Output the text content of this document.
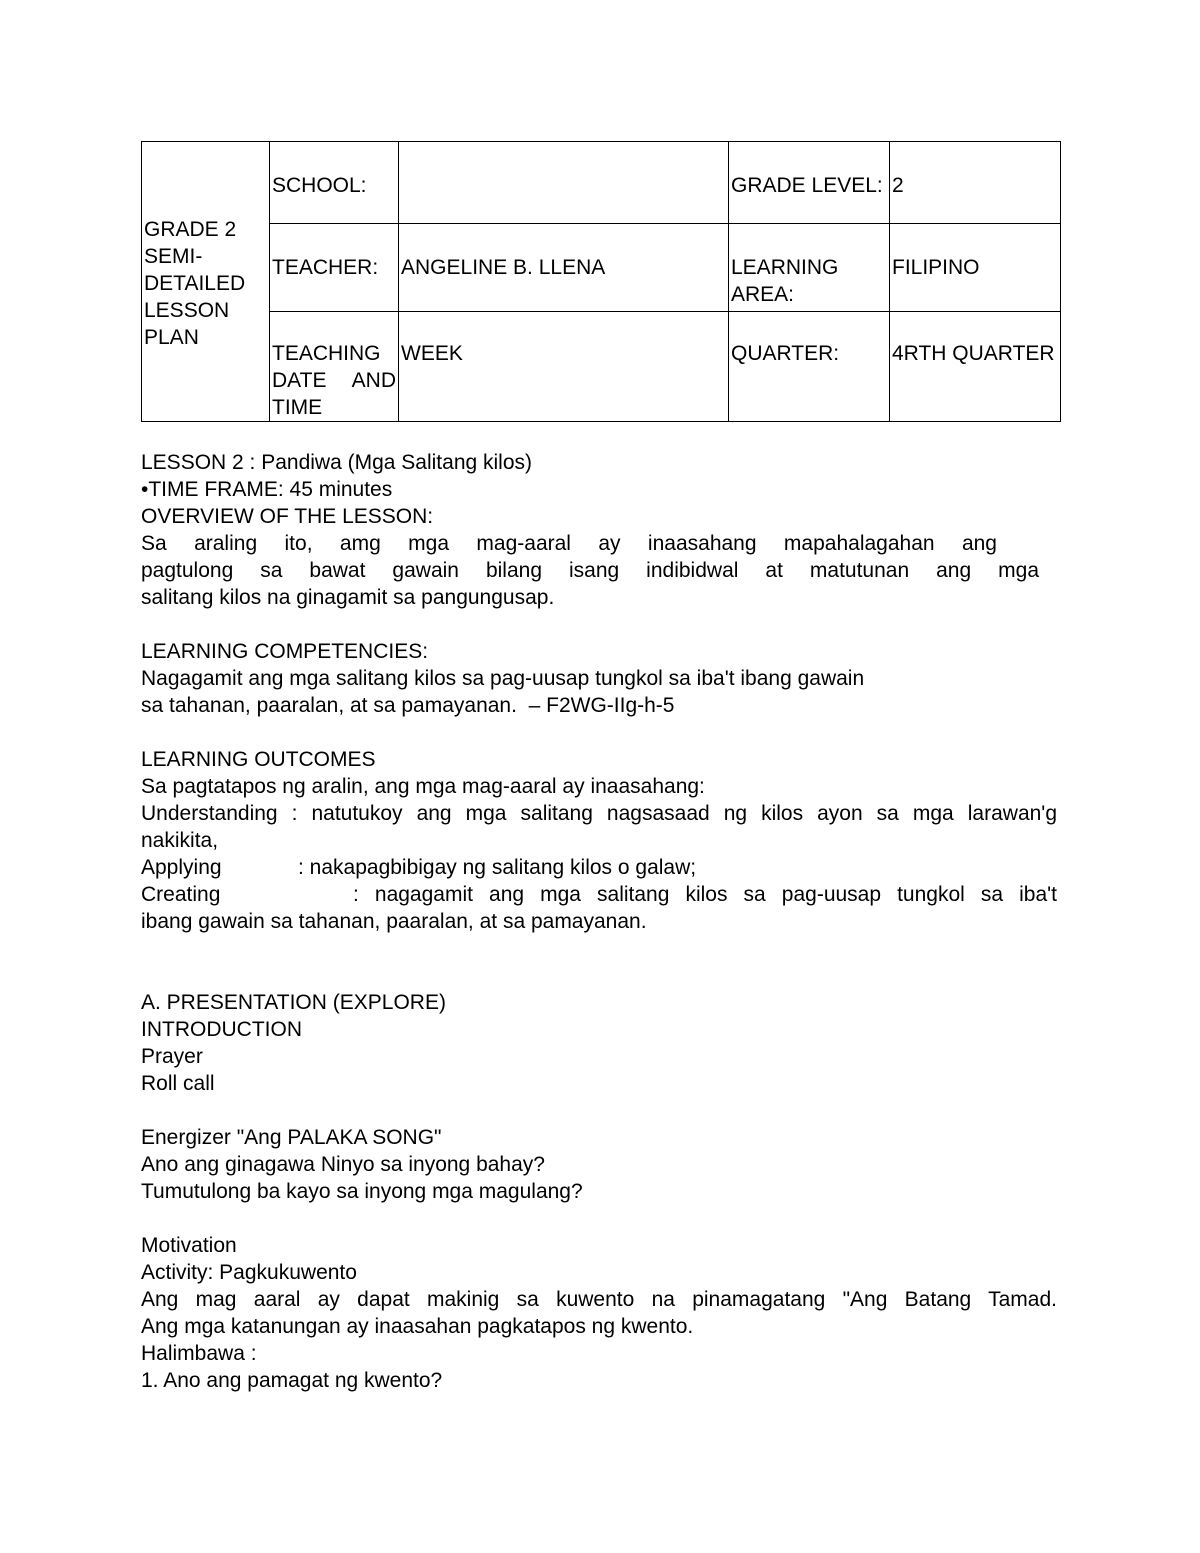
GRADE 2 SEMI-DETAILED LESSON PLAN	SCHOOL:		GRADE LEVEL:	2
	TEACHER:	ANGELINE B. LLENA	LEARNING AREA:	FILIPINO
	TEACHING DATE AND TIME	WEEK	QUARTER:	4RTH QUARTER
LESSON 2 : Pandiwa (Mga Salitang kilos)
•TIME FRAME: 45 minutes
OVERVIEW OF THE LESSON:
Sa araling ito, amg mga mag-aaral ay inaasahang mapahalagahan ang
pagtulong sa bawat gawain bilang isang indibidwal at matutunan ang mga
salitang kilos na ginagamit sa pangungusap.
LEARNING COMPETENCIES:
Nagagamit ang mga salitang kilos sa pag-uusap tungkol sa iba't ibang gawain
sa tahanan, paaralan, at sa pamayanan.  – F2WG-IIg-h-5
LEARNING OUTCOMES
Sa pagtatapos ng aralin, ang mga mag-aaral ay inaasahang:
Understanding : natutukoy ang mga salitang nagsasaad ng kilos ayon sa mga larawan'g
nakikita,
Applying	: nakapagbibigay ng salitang kilos o galaw;
Creating	: nagagamit ang mga salitang kilos sa pag-uusap tungkol sa iba't
ibang gawain sa tahanan, paaralan, at sa pamayanan.
A. PRESENTATION (EXPLORE)
INTRODUCTION
Prayer
Roll call
Energizer "Ang PALAKA SONG"
Ano ang ginagawa Ninyo sa inyong bahay?
Tumutulong ba kayo sa inyong mga magulang?
Motivation
Activity: Pagkukuwento
Ang mag aaral ay dapat makinig sa kuwento na pinamagatang "Ang Batang Tamad.
Ang mga katanungan ay inaasahan pagkatapos ng kwento.
Halimbawa :
1. Ano ang pamagat ng kwento?
